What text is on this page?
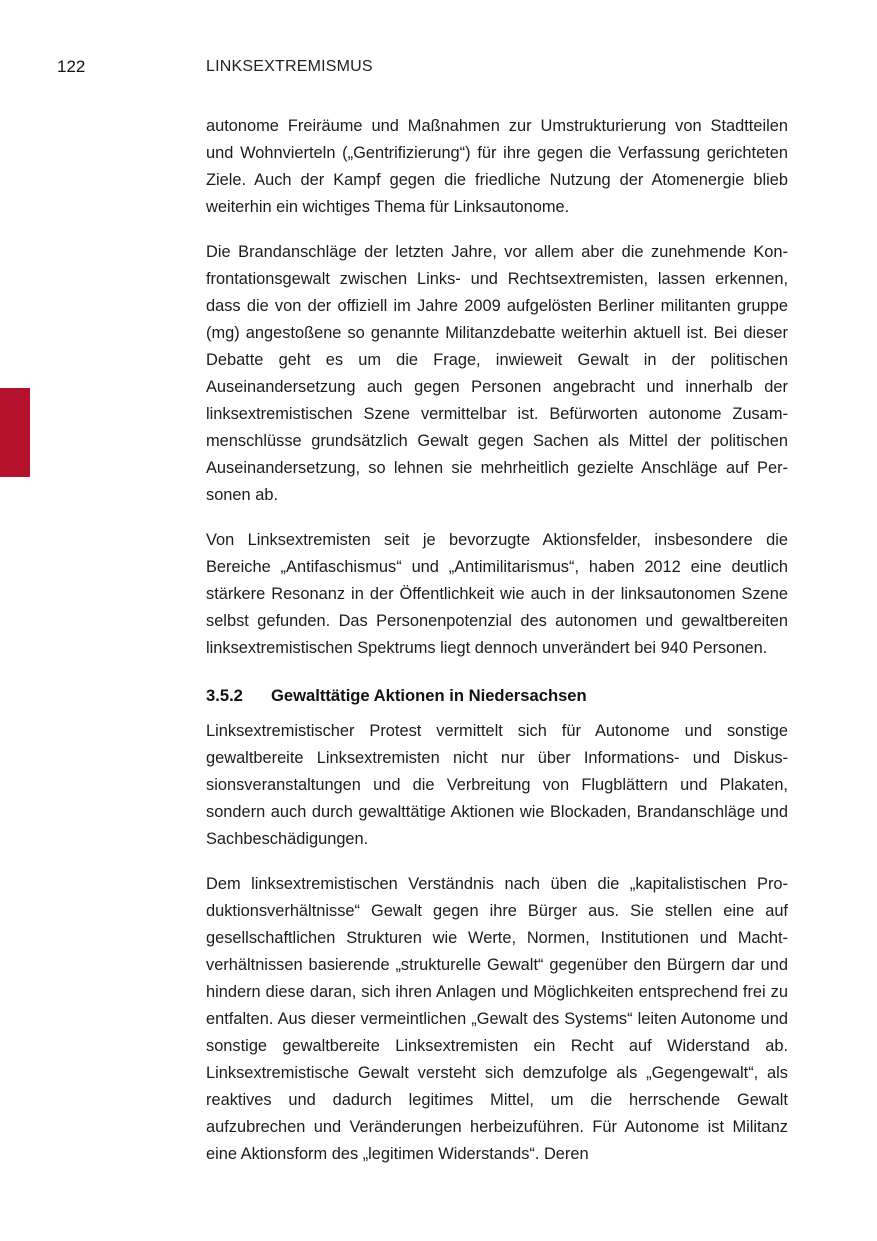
122	LINKSEXTREMISMUS

autonome Freiräume und Maßnahmen zur Umstrukturierung von Stadtteilen und Wohnvierteln („Gentrifizierung“) für ihre gegen die Verfassung gerichteten Ziele. Auch der Kampf gegen die friedliche Nutzung der Atomenergie blieb weiterhin ein wichtiges Thema für Linksautonome.

Die Brandanschläge der letzten Jahre, vor allem aber die zunehmende Konfrontationsgewalt zwischen Links- und Rechtsextremisten, lassen erkennen, dass die von der offiziell im Jahre 2009 aufgelösten Berliner militanten gruppe (mg) angestoßene so genannte Militanzdebatte weiterhin aktuell ist. Bei dieser Debatte geht es um die Frage, inwieweit Gewalt in der politischen Auseinandersetzung auch gegen Personen angebracht und innerhalb der linksextremistischen Szene vermittelbar ist. Befürworten autonome Zusammenschlüsse grundsätzlich Gewalt gegen Sachen als Mittel der politischen Auseinandersetzung, so lehnen sie mehrheitlich gezielte Anschläge auf Personen ab.

Von Linksextremisten seit je bevorzugte Aktionsfelder, insbesondere die Bereiche „Antifaschismus“ und „Antimilitarismus“, haben 2012 eine deutlich stärkere Resonanz in der Öffentlichkeit wie auch in der linksautonomen Szene selbst gefunden. Das Personenpotenzial des autonomen und gewaltbereiten linksextremistischen Spektrums liegt dennoch unverändert bei 940 Personen.

3.5.2	Gewalttätige Aktionen in Niedersachsen

Linksextremistischer Protest vermittelt sich für Autonome und sonstige gewaltbereite Linksextremisten nicht nur über Informations- und Diskussionsveranstaltungen und die Verbreitung von Flugblättern und Plakaten, sondern auch durch gewalttätige Aktionen wie Blockaden, Brandanschläge und Sachbeschädigungen.

Dem linksextremistischen Verständnis nach üben die „kapitalistischen Produktionsverhältnisse“ Gewalt gegen ihre Bürger aus. Sie stellen eine auf gesellschaftlichen Strukturen wie Werte, Normen, Institutionen und Machtverhältnissen basierende „strukturelle Gewalt“ gegenüber den Bürgern dar und hindern diese daran, sich ihren Anlagen und Möglichkeiten entsprechend frei zu entfalten. Aus dieser vermeintlichen „Gewalt des Systems“ leiten Autonome und sonstige gewaltbereite Linksextremisten ein Recht auf Widerstand ab. Linksextremistische Gewalt versteht sich demzufolge als „Gegengewalt“, als reaktives und dadurch legitimes Mittel, um die herrschende Gewalt aufzubrechen und Veränderungen herbeizuführen. Für Autonome ist Militanz eine Aktionsform des „legitimen Widerstands“. Deren
